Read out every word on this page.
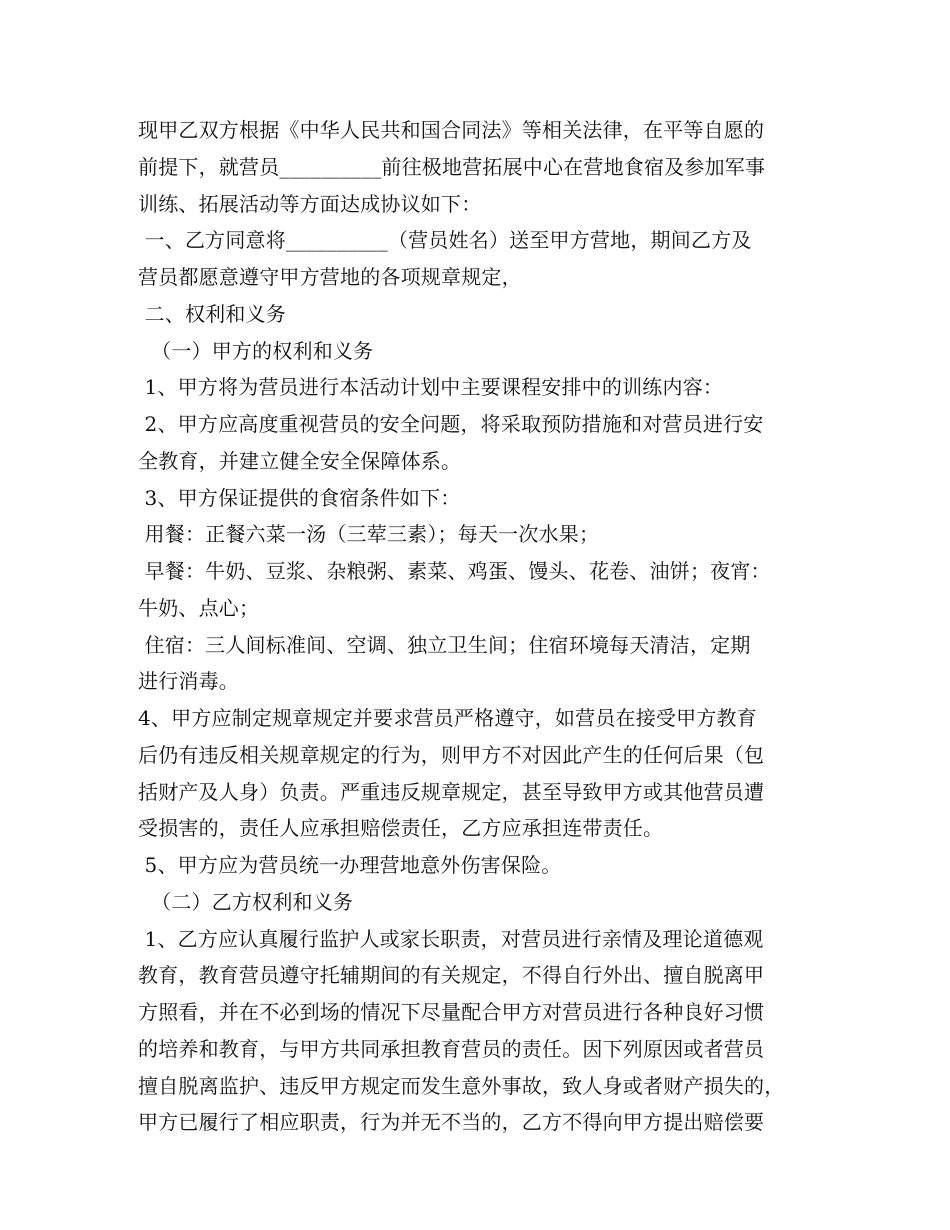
现甲乙双方根据《中华人民共和国合同法》等相关法律，在平等自愿的
前提下，就营员__________前往极地营拓展中心在营地食宿及参加军事
训练、拓展活动等方面达成协议如下：
一、乙方同意将__________（营员姓名）送至甲方营地，期间乙方及
营员都愿意遵守甲方营地的各项规章规定，
二、权利和义务
（一）甲方的权利和义务
1、甲方将为营员进行本活动计划中主要课程安排中的训练内容：
2、甲方应高度重视营员的安全问题，将采取预防措施和对营员进行安
全教育，并建立健全安全保障体系。
3、甲方保证提供的食宿条件如下：
用餐：正餐六菜一汤（三荤三素）；每天一次水果；
早餐：牛奶、豆浆、杂粮粥、素菜、鸡蛋、馒头、花卷、油饼；夜宵：
牛奶、点心；
住宿：三人间标准间、空调、独立卫生间；住宿环境每天清洁，定期
进行消毒。
4、甲方应制定规章规定并要求营员严格遵守，如营员在接受甲方教育
后仍有违反相关规章规定的行为，则甲方不对因此产生的任何后果（包
括财产及人身）负责。严重违反规章规定，甚至导致甲方或其他营员遭
受损害的，责任人应承担赔偿责任，乙方应承担连带责任。
5、甲方应为营员统一办理营地意外伤害保险。
（二）乙方权利和义务
1、乙方应认真履行监护人或家长职责，对营员进行亲情及理论道德观
教育，教育营员遵守托辅期间的有关规定，不得自行外出、擅自脱离甲
方照看，并在不必到场的情况下尽量配合甲方对营员进行各种良好习惯
的培养和教育，与甲方共同承担教育营员的责任。因下列原因或者营员
擅自脱离监护、违反甲方规定而发生意外事故，致人身或者财产损失的，
甲方已履行了相应职责，行为并无不当的，乙方不得向甲方提出赔偿要
